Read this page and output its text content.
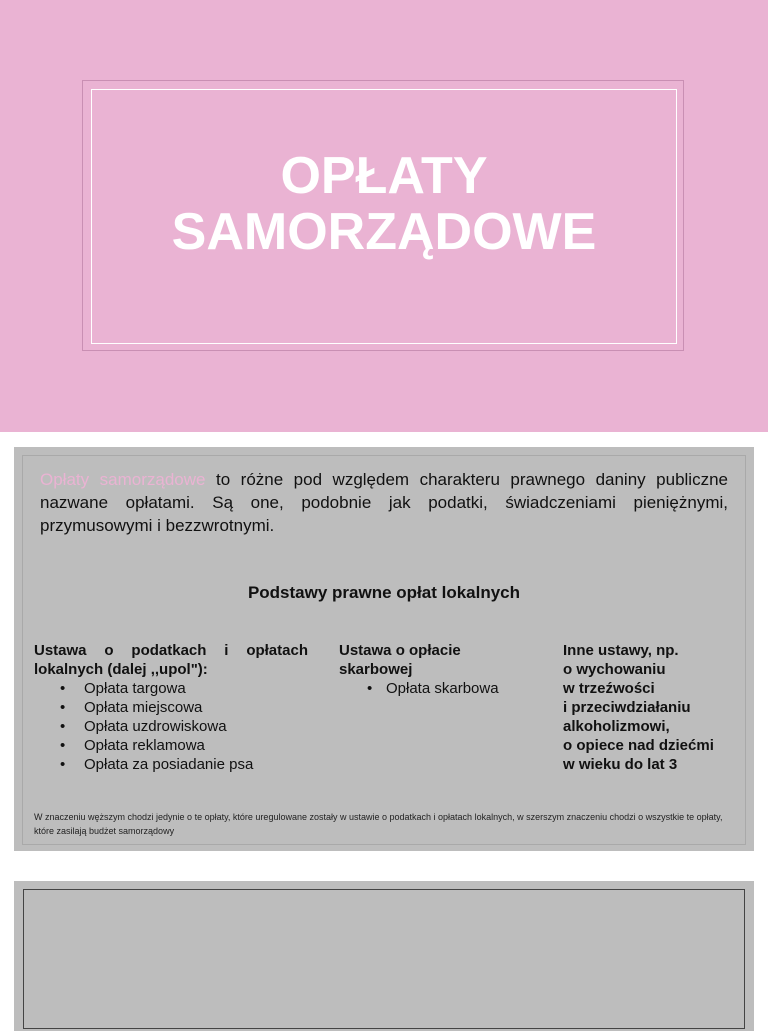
OPŁATY
SAMORZĄDOWE
Opłaty samorządowe to różne pod względem charakteru prawnego daniny publiczne nazwane opłatami. Są one, podobnie jak podatki, świadczeniami pieniężnymi, przymusowymi i bezzwrotnymi.
Podstawy prawne opłat lokalnych
Ustawa o podatkach i opłatach lokalnych (dalej ,,upol"):
• Opłata targowa
• Opłata miejscowa
• Opłata uzdrowiskowa
• Opłata reklamowa
• Opłata za posiadanie psa
Ustawa o opłacie
skarbowej
• Opłata skarbowa
Inne ustawy, np.
o wychowaniu
w trzeźwości
i przeciwdziałaniu
alkoholizmowi,
o opiece nad dziećmi
w wieku do lat 3
W znaczeniu węższym chodzi jedynie o te opłaty, które uregulowane zostały w ustawie o podatkach i opłatach lokalnych, w szerszym znaczeniu chodzi o wszystkie te opłaty, które zasilają budżet samorządowy
